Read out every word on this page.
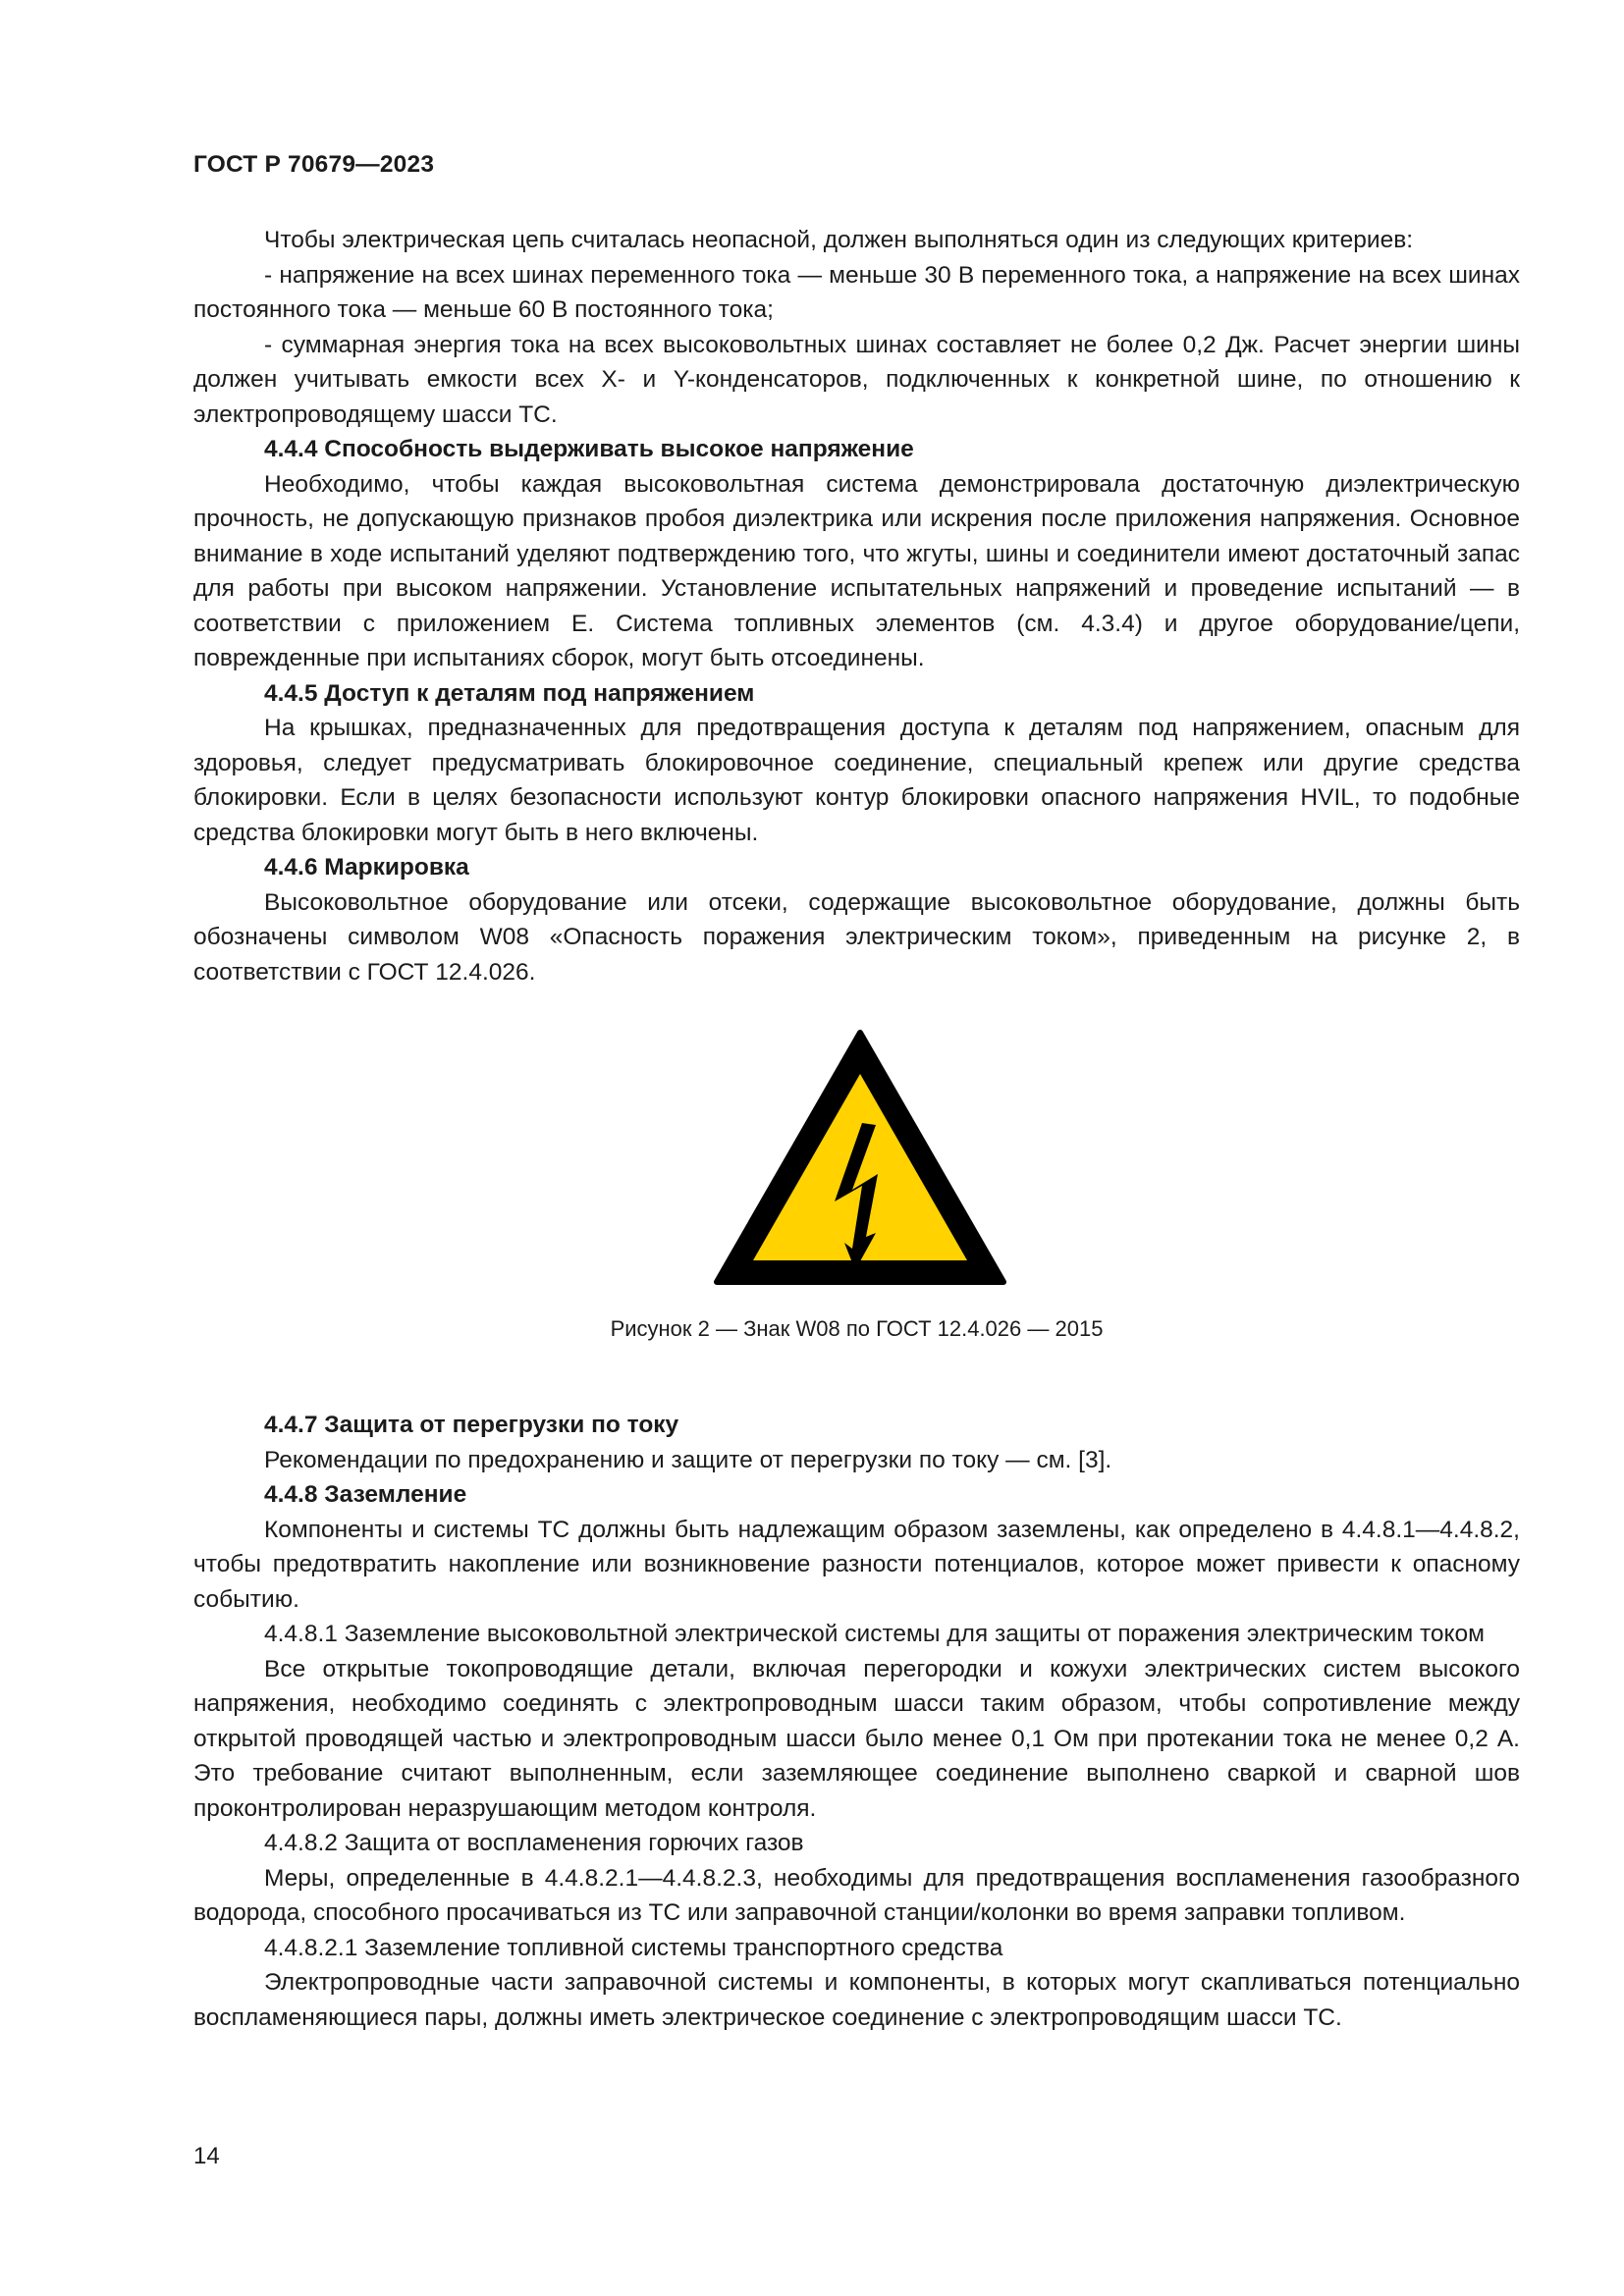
ГОСТ Р 70679—2023

Чтобы электрическая цепь считалась неопасной, должен выполняться один из следующих критериев:

- напряжение на всех шинах переменного тока — меньше 30 В переменного тока, а напряжение на всех шинах постоянного тока — меньше 60 В постоянного тока;

- суммарная энергия тока на всех высоковольтных шинах составляет не более 0,2 Дж. Расчет энергии шины должен учитывать емкости всех X- и Y-конденсаторов, подключенных к конкретной шине, по отношению к электропроводящему шасси ТС.

4.4.4 Способность выдерживать высокое напряжение

Необходимо, чтобы каждая высоковольтная система демонстрировала достаточную диэлектрическую прочность, не допускающую признаков пробоя диэлектрика или искрения после приложения напряжения. Основное внимание в ходе испытаний уделяют подтверждению того, что жгуты, шины и соединители имеют достаточный запас для работы при высоком напряжении. Установление испытательных напряжений и проведение испытаний — в соответствии с приложением Е. Система топливных элементов (см. 4.3.4) и другое оборудование/цепи, поврежденные при испытаниях сборок, могут быть отсоединены.

4.4.5 Доступ к деталям под напряжением

На крышках, предназначенных для предотвращения доступа к деталям под напряжением, опасным для здоровья, следует предусматривать блокировочное соединение, специальный крепеж или другие средства блокировки. Если в целях безопасности используют контур блокировки опасного напряжения HVIL, то подобные средства блокировки могут быть в него включены.

4.4.6 Маркировка

Высоковольтное оборудование или отсеки, содержащие высоковольтное оборудование, должны быть обозначены символом W08 «Опасность поражения электрическим током», приведенным на рисунке 2, в соответствии с ГОСТ 12.4.026.

Рисунок 2 — Знак W08 по ГОСТ 12.4.026 — 2015

4.4.7 Защита от перегрузки по току

Рекомендации по предохранению и защите от перегрузки по току — см. [3].

4.4.8 Заземление

Компоненты и системы ТС должны быть надлежащим образом заземлены, как определено в 4.4.8.1—4.4.8.2, чтобы предотвратить накопление или возникновение разности потенциалов, которое может привести к опасному событию.

4.4.8.1 Заземление высоковольтной электрической системы для защиты от поражения электрическим током

Все открытые токопроводящие детали, включая перегородки и кожухи электрических систем высокого напряжения, необходимо соединять с электропроводным шасси таким образом, чтобы сопротивление между открытой проводящей частью и электропроводным шасси было менее 0,1 Ом при протекании тока не менее 0,2 А. Это требование считают выполненным, если заземляющее соединение выполнено сваркой и сварной шов проконтролирован неразрушающим методом контроля.

4.4.8.2 Защита от воспламенения горючих газов

Меры, определенные в 4.4.8.2.1—4.4.8.2.3, необходимы для предотвращения воспламенения газообразного водорода, способного просачиваться из ТС или заправочной станции/колонки во время заправки топливом.

4.4.8.2.1 Заземление топливной системы транспортного средства

Электропроводные части заправочной системы и компоненты, в которых могут скапливаться потенциально воспламеняющиеся пары, должны иметь электрическое соединение с электропроводящим шасси ТС.

14
